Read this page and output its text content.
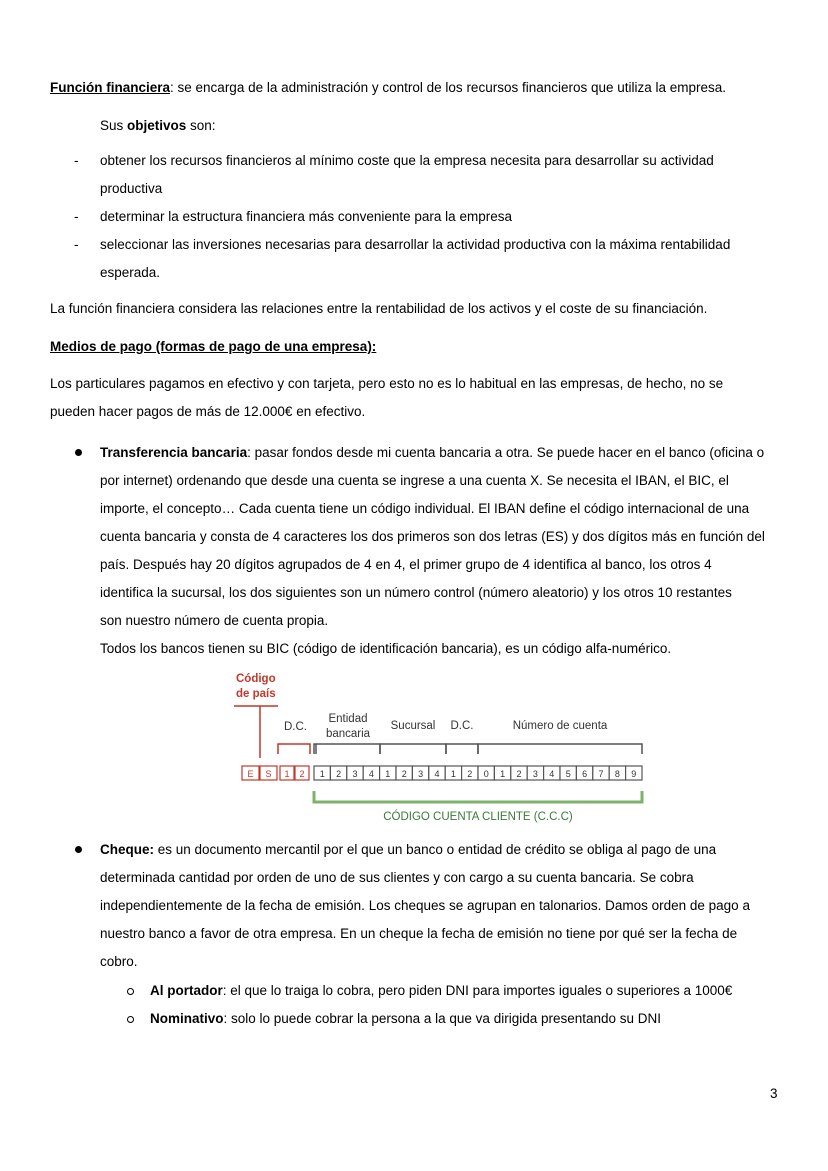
Función financiera: se encarga de la administración y control de los recursos financieros que utiliza la empresa.
Sus objetivos son:
- obtener los recursos financieros al mínimo coste que la empresa necesita para desarrollar su actividad
productiva
- determinar la estructura financiera más conveniente para la empresa
- seleccionar las inversiones necesarias para desarrollar la actividad productiva con la máxima rentabilidad
esperada.
La función financiera considera las relaciones entre la rentabilidad de los activos y el coste de su financiación.
Medios de pago (formas de pago de una empresa):
Los particulares pagamos en efectivo y con tarjeta, pero esto no es lo habitual en las empresas, de hecho, no se
pueden hacer pagos de más de 12.000€ en efectivo.
Transferencia bancaria: pasar fondos desde mi cuenta bancaria a otra. Se puede hacer en el banco (oficina o
por internet) ordenando que desde una cuenta se ingrese a una cuenta X. Se necesita el IBAN, el BIC, el
importe, el concepto… Cada cuenta tiene un código individual. El IBAN define el código internacional de una
cuenta bancaria y consta de 4 caracteres los dos primeros son dos letras (ES) y dos dígitos más en función del
país. Después hay 20 dígitos agrupados de 4 en 4, el primer grupo de 4 identifica al banco, los otros 4
identifica la sucursal, los dos siguientes son un número control (número aleatorio) y los otros 10 restantes
son nuestro número de cuenta propia.
Todos los bancos tienen su BIC (código de identificación bancaria), es un código alfa-numérico.
Código
de país
D.C.
Entidad
bancaria
Sucursal D.C.	Número de cuenta
E S 1 2 1 2 3 4 1 2 3 4 1 2 0 1 2 3 4 5 6 7 8 9
CÓDIGO CUENTA CLIENTE (C.C.C)
Cheque: es un documento mercantil por el que un banco o entidad de crédito se obliga al pago de una
determinada cantidad por orden de uno de sus clientes y con cargo a su cuenta bancaria. Se cobra
independientemente de la fecha de emisión. Los cheques se agrupan en talonarios. Damos orden de pago a
nuestro banco a favor de otra empresa. En un cheque la fecha de emisión no tiene por qué ser la fecha de
cobro.
Al portador: el que lo traiga lo cobra, pero piden DNI para importes iguales o superiores a 1000€
Nominativo: solo lo puede cobrar la persona a la que va dirigida presentando su DNI
3
